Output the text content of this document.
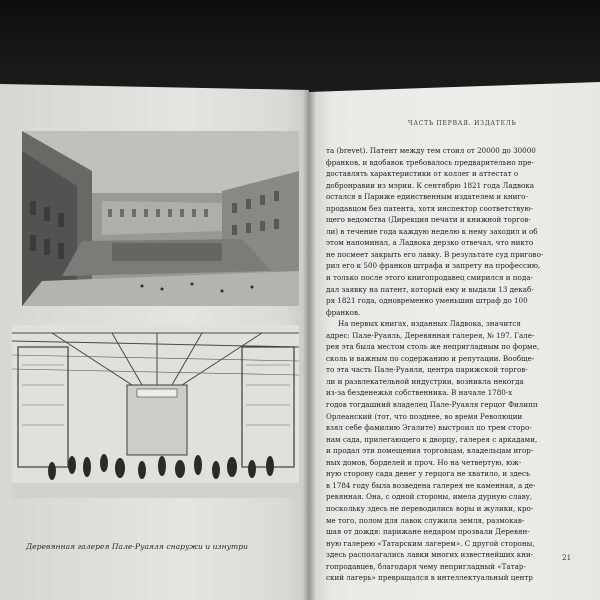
Деревянная галерея Пале-Руаяля снаружи и изнутри
ЧАСТЬ ПЕРВАЯ. ИЗДАТЕЛЬ
та (brevet). Патент между тем стоил от 20000 до 30000
франков, и вдобавок требовалось предварительно пре-
доставлять характеристики от коллег и аттестат о
добронравии из мэрии. К сентябрю 1821 года Ладвока
остался в Париже единственным издателем и книго-
продавцом без патента, хотя инспектор соответствую-
щего ведомства (Дирекция печати и книжной торгов-
ли) в течение года каждую неделю к нему заходил и об
этом напоминал, а Ладвока дерзко отвечал, что никто
не посмеет закрыть его лавку. В результате суд пригово-
рил его к 500 франков штрафа и запрету на профессию,
и только после этого книгопродавец смирился и пода-
дал заявку на патент, который ему и выдали 13 декаб-
ря 1821 года, одновременно уменьшив штраф до 100
франков.
На первых книгах, изданных Ладвока, значится
адрес: Пале-Руаяль, Деревянная галерея, № 197. Гале-
рея эта была местом столь же непригладным по форме,
сколь и важным по содержанию и репутации. Вообще-
то эта часть Пале-Руаяля, центра парижской торгов-
ли и развлекательной индустрии, возникла некогда
из-за безденежья собственника. В начале 1780-х
годов тогдашний владелец Пале-Руаяля герцог Филипп
Орлеанский (тот, что позднее, во время Революции
взял себе фамилию Эгалите) выстроил по трем сторо-
нам сада, прилегающего к дворцу, галерея с аркадами,
и продал эти помещения торговцам, владельцам игор-
ных домов, борделей и проч. Но на четвертую, юж-
ную сторону сада денег у герцога не хватило, и здесь
в 1784 году была возведена галерея не каменная, а де-
ревянная. Она, с одной стороны, имела дурную славу,
поскольку здесь не переводились воры и жулики, кро-
ме того, полом для лавок служила земля, размокав-
шая от дождя: парижане недаром прозвали Деревян-
ную галерею «Татарским лагерем». С другой стороны,
здесь располагались лавки многих известнейших кни-
гопродавцев, благодаря чему непригладный «Татар-
ский лагерь» превращался в интеллектуальный центр
21
